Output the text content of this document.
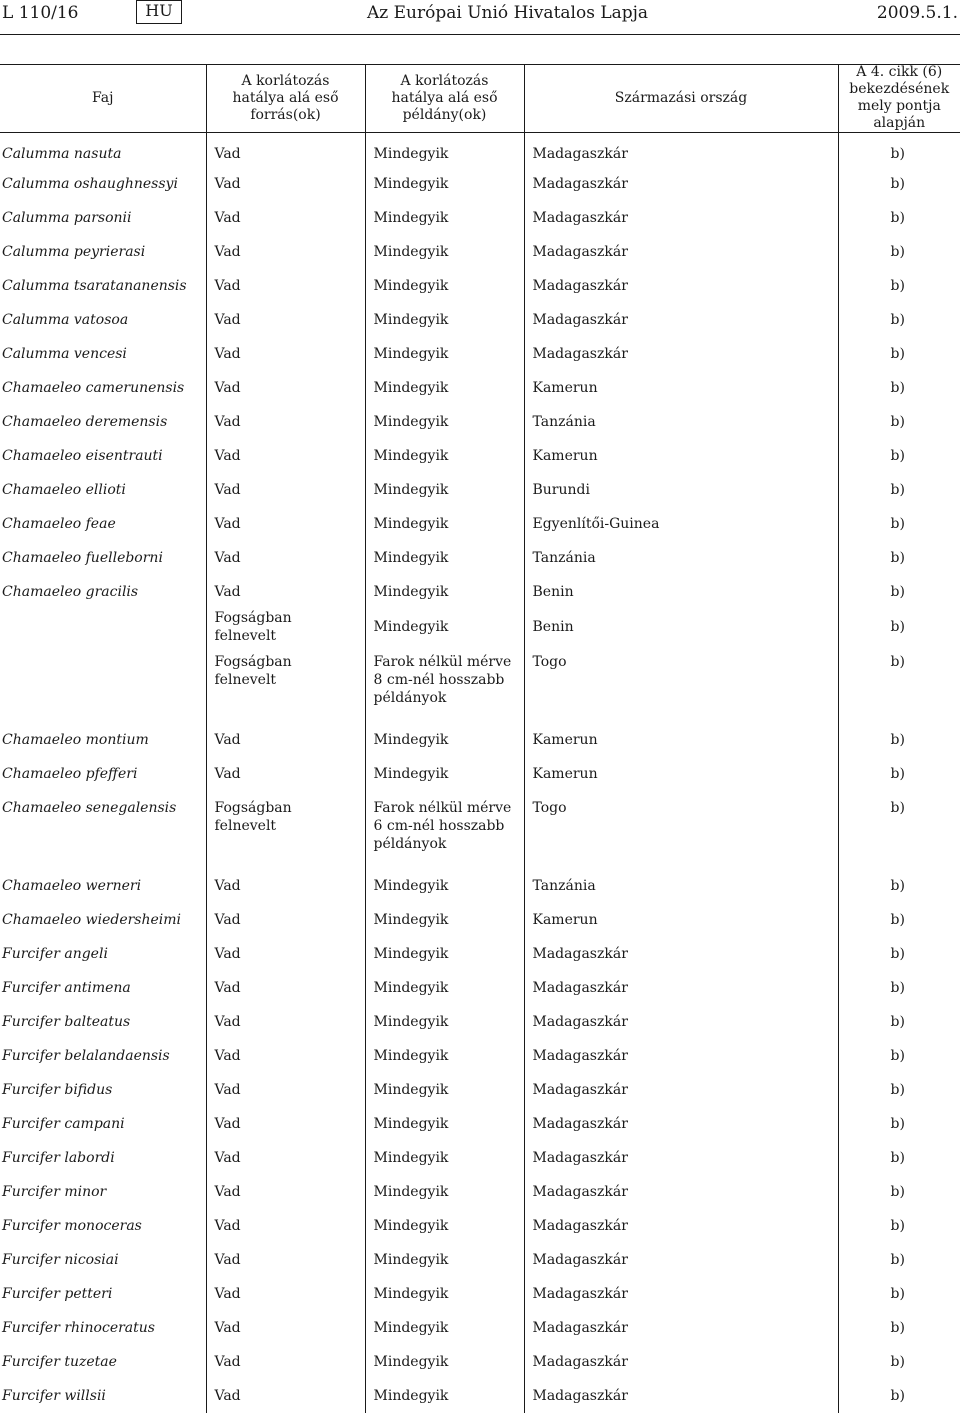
L 110/16	HU	Az Európai Unió Hivatalos Lapja	2009.5.1.
Faj	A korlátozás hatálya alá eső forrás(ok)	A korlátozás hatálya alá eső példány(ok)	Származási ország	A 4. cikk (6) bekezdésének mely pontja alapján
Calumma nasuta	Vad	Mindegyik	Madagaszkár	b)
Calumma oshaughnessyi	Vad	Mindegyik	Madagaszkár	b)
Calumma parsonii	Vad	Mindegyik	Madagaszkár	b)
Calumma peyrierasi	Vad	Mindegyik	Madagaszkár	b)
Calumma tsaratananensis	Vad	Mindegyik	Madagaszkár	b)
Calumma vatosoa	Vad	Mindegyik	Madagaszkár	b)
Calumma vencesi	Vad	Mindegyik	Madagaszkár	b)
Chamaeleo camerunensis	Vad	Mindegyik	Kamerun	b)
Chamaeleo deremensis	Vad	Mindegyik	Tanzánia	b)
Chamaeleo eisentrauti	Vad	Mindegyik	Kamerun	b)
Chamaeleo ellioti	Vad	Mindegyik	Burundi	b)
Chamaeleo feae	Vad	Mindegyik	Egyenlítői-Guinea	b)
Chamaeleo fuelleborni	Vad	Mindegyik	Tanzánia	b)
Chamaeleo gracilis	Vad	Mindegyik	Benin	b)
	Fogságban felnevelt	Mindegyik	Benin	b)
	Fogságban felnevelt	Farok nélkül mérve 8 cm-nél hosszabb példányok	Togo	b)
Chamaeleo montium	Vad	Mindegyik	Kamerun	b)
Chamaeleo pfefferi	Vad	Mindegyik	Kamerun	b)
Chamaeleo senegalensis	Fogságban felnevelt	Farok nélkül mérve 6 cm-nél hosszabb példányok	Togo	b)
Chamaeleo werneri	Vad	Mindegyik	Tanzánia	b)
Chamaeleo wiedersheimi	Vad	Mindegyik	Kamerun	b)
Furcifer angeli	Vad	Mindegyik	Madagaszkár	b)
Furcifer antimena	Vad	Mindegyik	Madagaszkár	b)
Furcifer balteatus	Vad	Mindegyik	Madagaszkár	b)
Furcifer belalandaensis	Vad	Mindegyik	Madagaszkár	b)
Furcifer bifidus	Vad	Mindegyik	Madagaszkár	b)
Furcifer campani	Vad	Mindegyik	Madagaszkár	b)
Furcifer labordi	Vad	Mindegyik	Madagaszkár	b)
Furcifer minor	Vad	Mindegyik	Madagaszkár	b)
Furcifer monoceras	Vad	Mindegyik	Madagaszkár	b)
Furcifer nicosiai	Vad	Mindegyik	Madagaszkár	b)
Furcifer petteri	Vad	Mindegyik	Madagaszkár	b)
Furcifer rhinoceratus	Vad	Mindegyik	Madagaszkár	b)
Furcifer tuzetae	Vad	Mindegyik	Madagaszkár	b)
Furcifer willsii	Vad	Mindegyik	Madagaszkár	b)
